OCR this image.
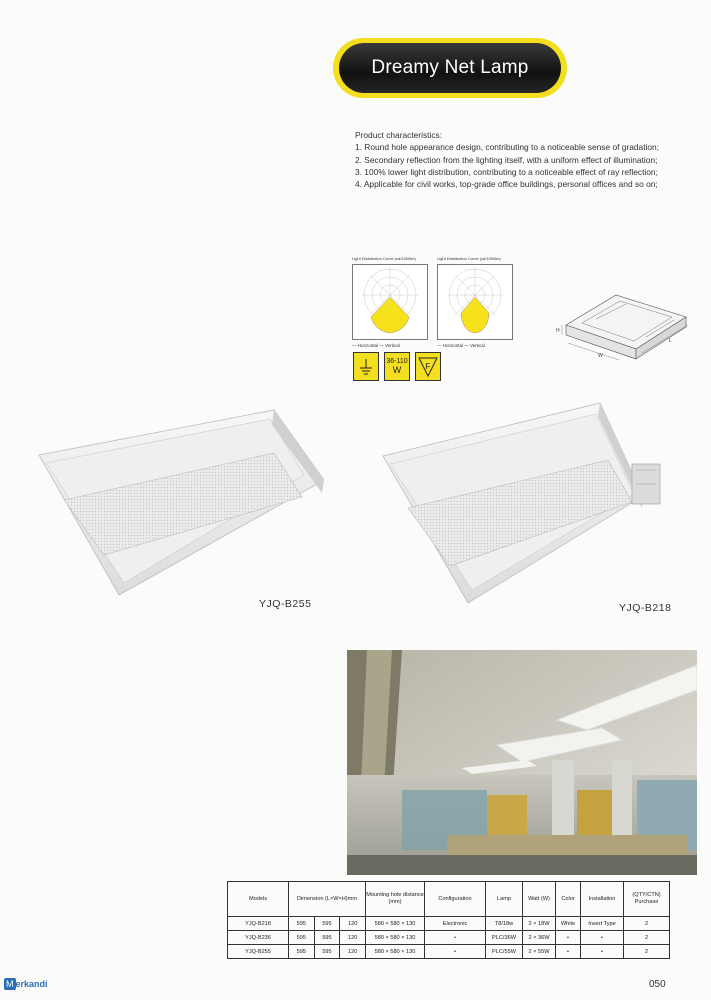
Dreamy Net Lamp
Product characteristics:
1. Round hole appearance design, contributing to a noticeable sense of gradation;
2. Secondary reflection from the lighting itself, with a uniform effect of illumination;
3. 100% lower light distribution, contributing to a noticeable effect of ray reflection;
4. Applicable for civil works, top-grade office buildings, personal offices and so on;
Light Distribution Curve (cd/1000lm)
— Horizontal — Vertical
Light Distribution Curve (cd/1000lm)
— Horizontal — Vertical
36-110
W	F
H
W
L
YJQ-B255	YJQ-B218
Models	Dimension (L×W×H)mm			Mounting hole distance (mm)	Configuration	Lamp	Watt (W)	Color	Installation	(QTY/CTN) Purchase
YJQ-B218	595	595	120	580 × 580 × 130	Electronic	T8/18w	2 × 18W	White	Insert Type	2
YJQ-B236	595	595	120	580 × 580 × 130	•	PLC/36W	2 × 36W	•	•	2
YJQ-B255	595	595	120	580 × 580 × 130	•	PLC/55W	2 × 55W	•	•	2
M erkandi	050
